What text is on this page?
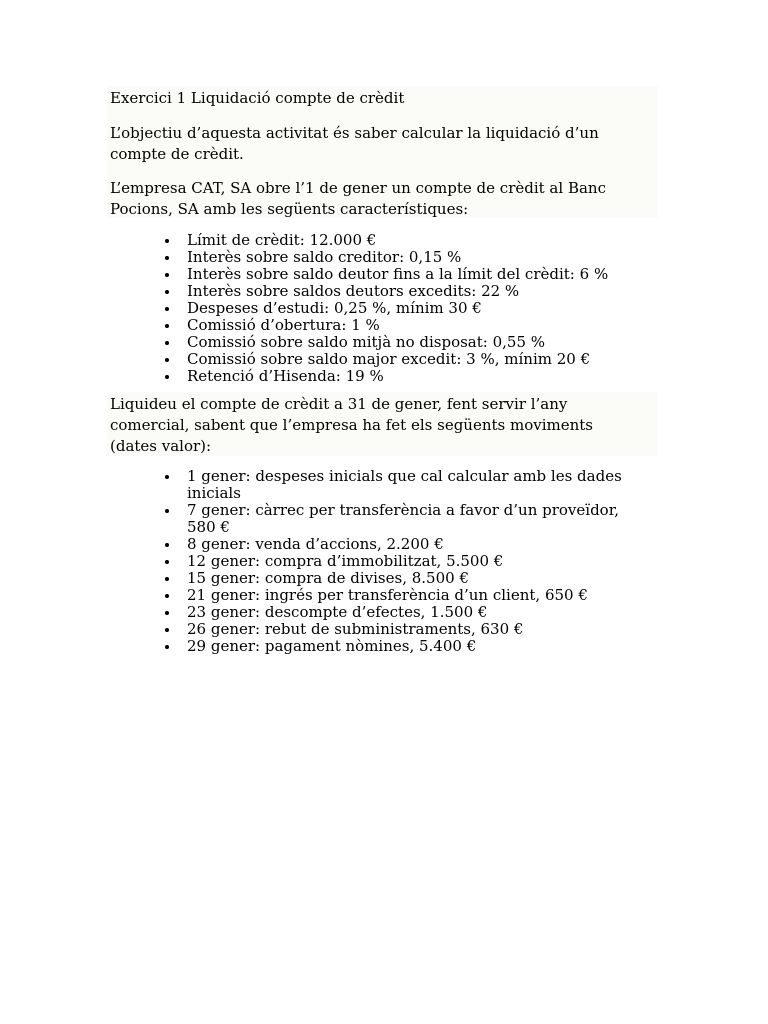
Exercici 1 Liquidació compte de crèdit

L’objectiu d’aquesta activitat és saber calcular la liquidació d’un
compte de crèdit.

L’empresa CAT, SA obre l’1 de gener un compte de crèdit al Banc
Pocions, SA amb les següents característiques:

Límit de crèdit: 12.000 €
Interès sobre saldo creditor: 0,15 %
Interès sobre saldo deutor fins a la límit del crèdit: 6 %
Interès sobre saldos deutors excedits: 22 %
Despeses d’estudi: 0,25 %, mínim 30 €
Comissió d’obertura: 1 %
Comissió sobre saldo mitjà no disposat: 0,55 %
Comissió sobre saldo major excedit: 3 %, mínim 20 €
Retenció d’Hisenda: 19 %

Liquideu el compte de crèdit a 31 de gener, fent servir l’any
comercial, sabent que l’empresa ha fet els següents moviments
(dates valor):

1 gener: despeses inicials que cal calcular amb les dades
inicials
7 gener: càrrec per transferència a favor d’un proveïdor,
580 €
8 gener: venda d’accions, 2.200 €
12 gener: compra d’immobilitzat, 5.500 €
15 gener: compra de divises, 8.500 €
21 gener: ingrés per transferència d’un client, 650 €
23 gener: descompte d’efectes, 1.500 €
26 gener: rebut de subministraments, 630 €
29 gener: pagament nòmines, 5.400 €
